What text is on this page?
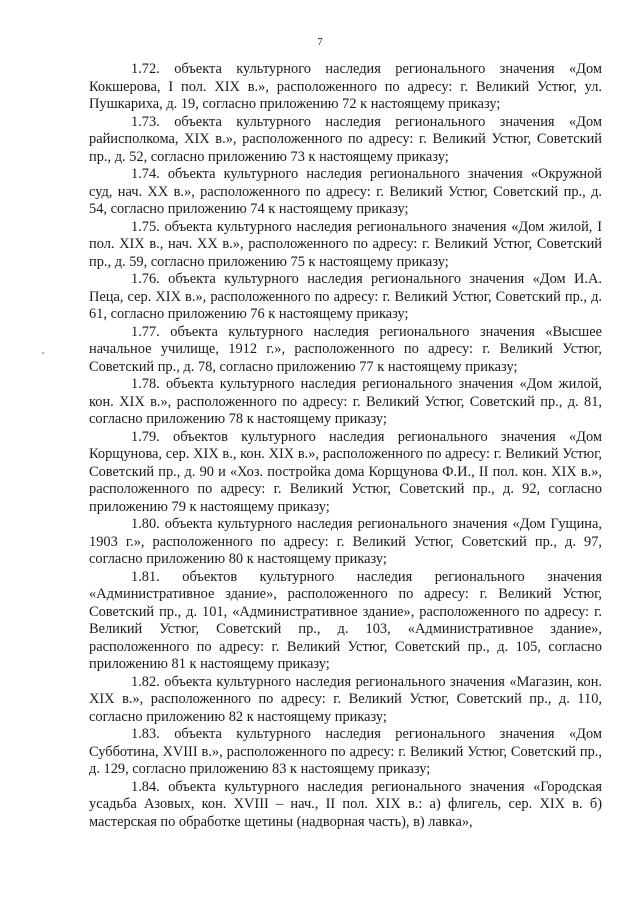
7

1.72. объекта культурного наследия регионального значения «Дом Кокшерова, I пол. XIX в.», расположенного по адресу: г. Великий Устюг, ул. Пушкариха, д. 19, согласно приложению 72 к настоящему приказу;

1.73. объекта культурного наследия регионального значения «Дом райисполкома, XIX в.», расположенного по адресу: г. Великий Устюг, Советский пр., д. 52, согласно приложению 73 к настоящему приказу;

1.74. объекта культурного наследия регионального значения «Окружной суд, нач. XX в.», расположенного по адресу: г. Великий Устюг, Советский пр., д. 54, согласно приложению 74 к настоящему приказу;

1.75. объекта культурного наследия регионального значения «Дом жилой, I пол. XIX в., нач. XX в.», расположенного по адресу: г. Великий Устюг, Советский пр., д. 59, согласно приложению 75 к настоящему приказу;

1.76. объекта культурного наследия регионального значения «Дом И.А. Пеца, сер. XIX в.», расположенного по адресу: г. Великий Устюг, Советский пр., д. 61, согласно приложению 76 к настоящему приказу;

1.77. объекта культурного наследия регионального значения «Высшее начальное училище, 1912 г.», расположенного по адресу: г. Великий Устюг, Советский пр., д. 78, согласно приложению 77 к настоящему приказу;

1.78. объекта культурного наследия регионального значения «Дом жилой, кон. XIX в.», расположенного по адресу: г. Великий Устюг, Советский пр., д. 81, согласно приложению 78 к настоящему приказу;

1.79. объектов культурного наследия регионального значения «Дом Корщунова, сер. XIX в., кон. XIX в.», расположенного по адресу: г. Великий Устюг, Советский пр., д. 90 и «Хоз. постройка дома Корщунова Ф.И., II пол. кон. XIX в.», расположенного по адресу: г. Великий Устюг, Советский пр., д. 92, согласно приложению 79 к настоящему приказу;

1.80. объекта культурного наследия регионального значения «Дом Гущина, 1903 г.», расположенного по адресу: г. Великий Устюг, Советский пр., д. 97, согласно приложению 80 к настоящему приказу;

1.81. объектов культурного наследия регионального значения «Административное здание», расположенного по адресу: г. Великий Устюг, Советский пр., д. 101, «Административное здание», расположенного по адресу: г. Великий Устюг, Советский пр., д. 103, «Административное здание», расположенного по адресу: г. Великий Устюг, Советский пр., д. 105, согласно приложению 81 к настоящему приказу;

1.82. объекта культурного наследия регионального значения «Магазин, кон. XIX в.», расположенного по адресу: г. Великий Устюг, Советский пр., д. 110, согласно приложению 82 к настоящему приказу;

1.83. объекта культурного наследия регионального значения «Дом Субботина, XVIII в.», расположенного по адресу: г. Великий Устюг, Советский пр., д. 129, согласно приложению 83 к настоящему приказу;

1.84. объекта культурного наследия регионального значения «Городская усадьба Азовых, кон. XVIII – нач., II пол. XIX в.: а) флигель, сер. XIX в. б) мастерская по обработке щетины (надворная часть), в) лавка»,
